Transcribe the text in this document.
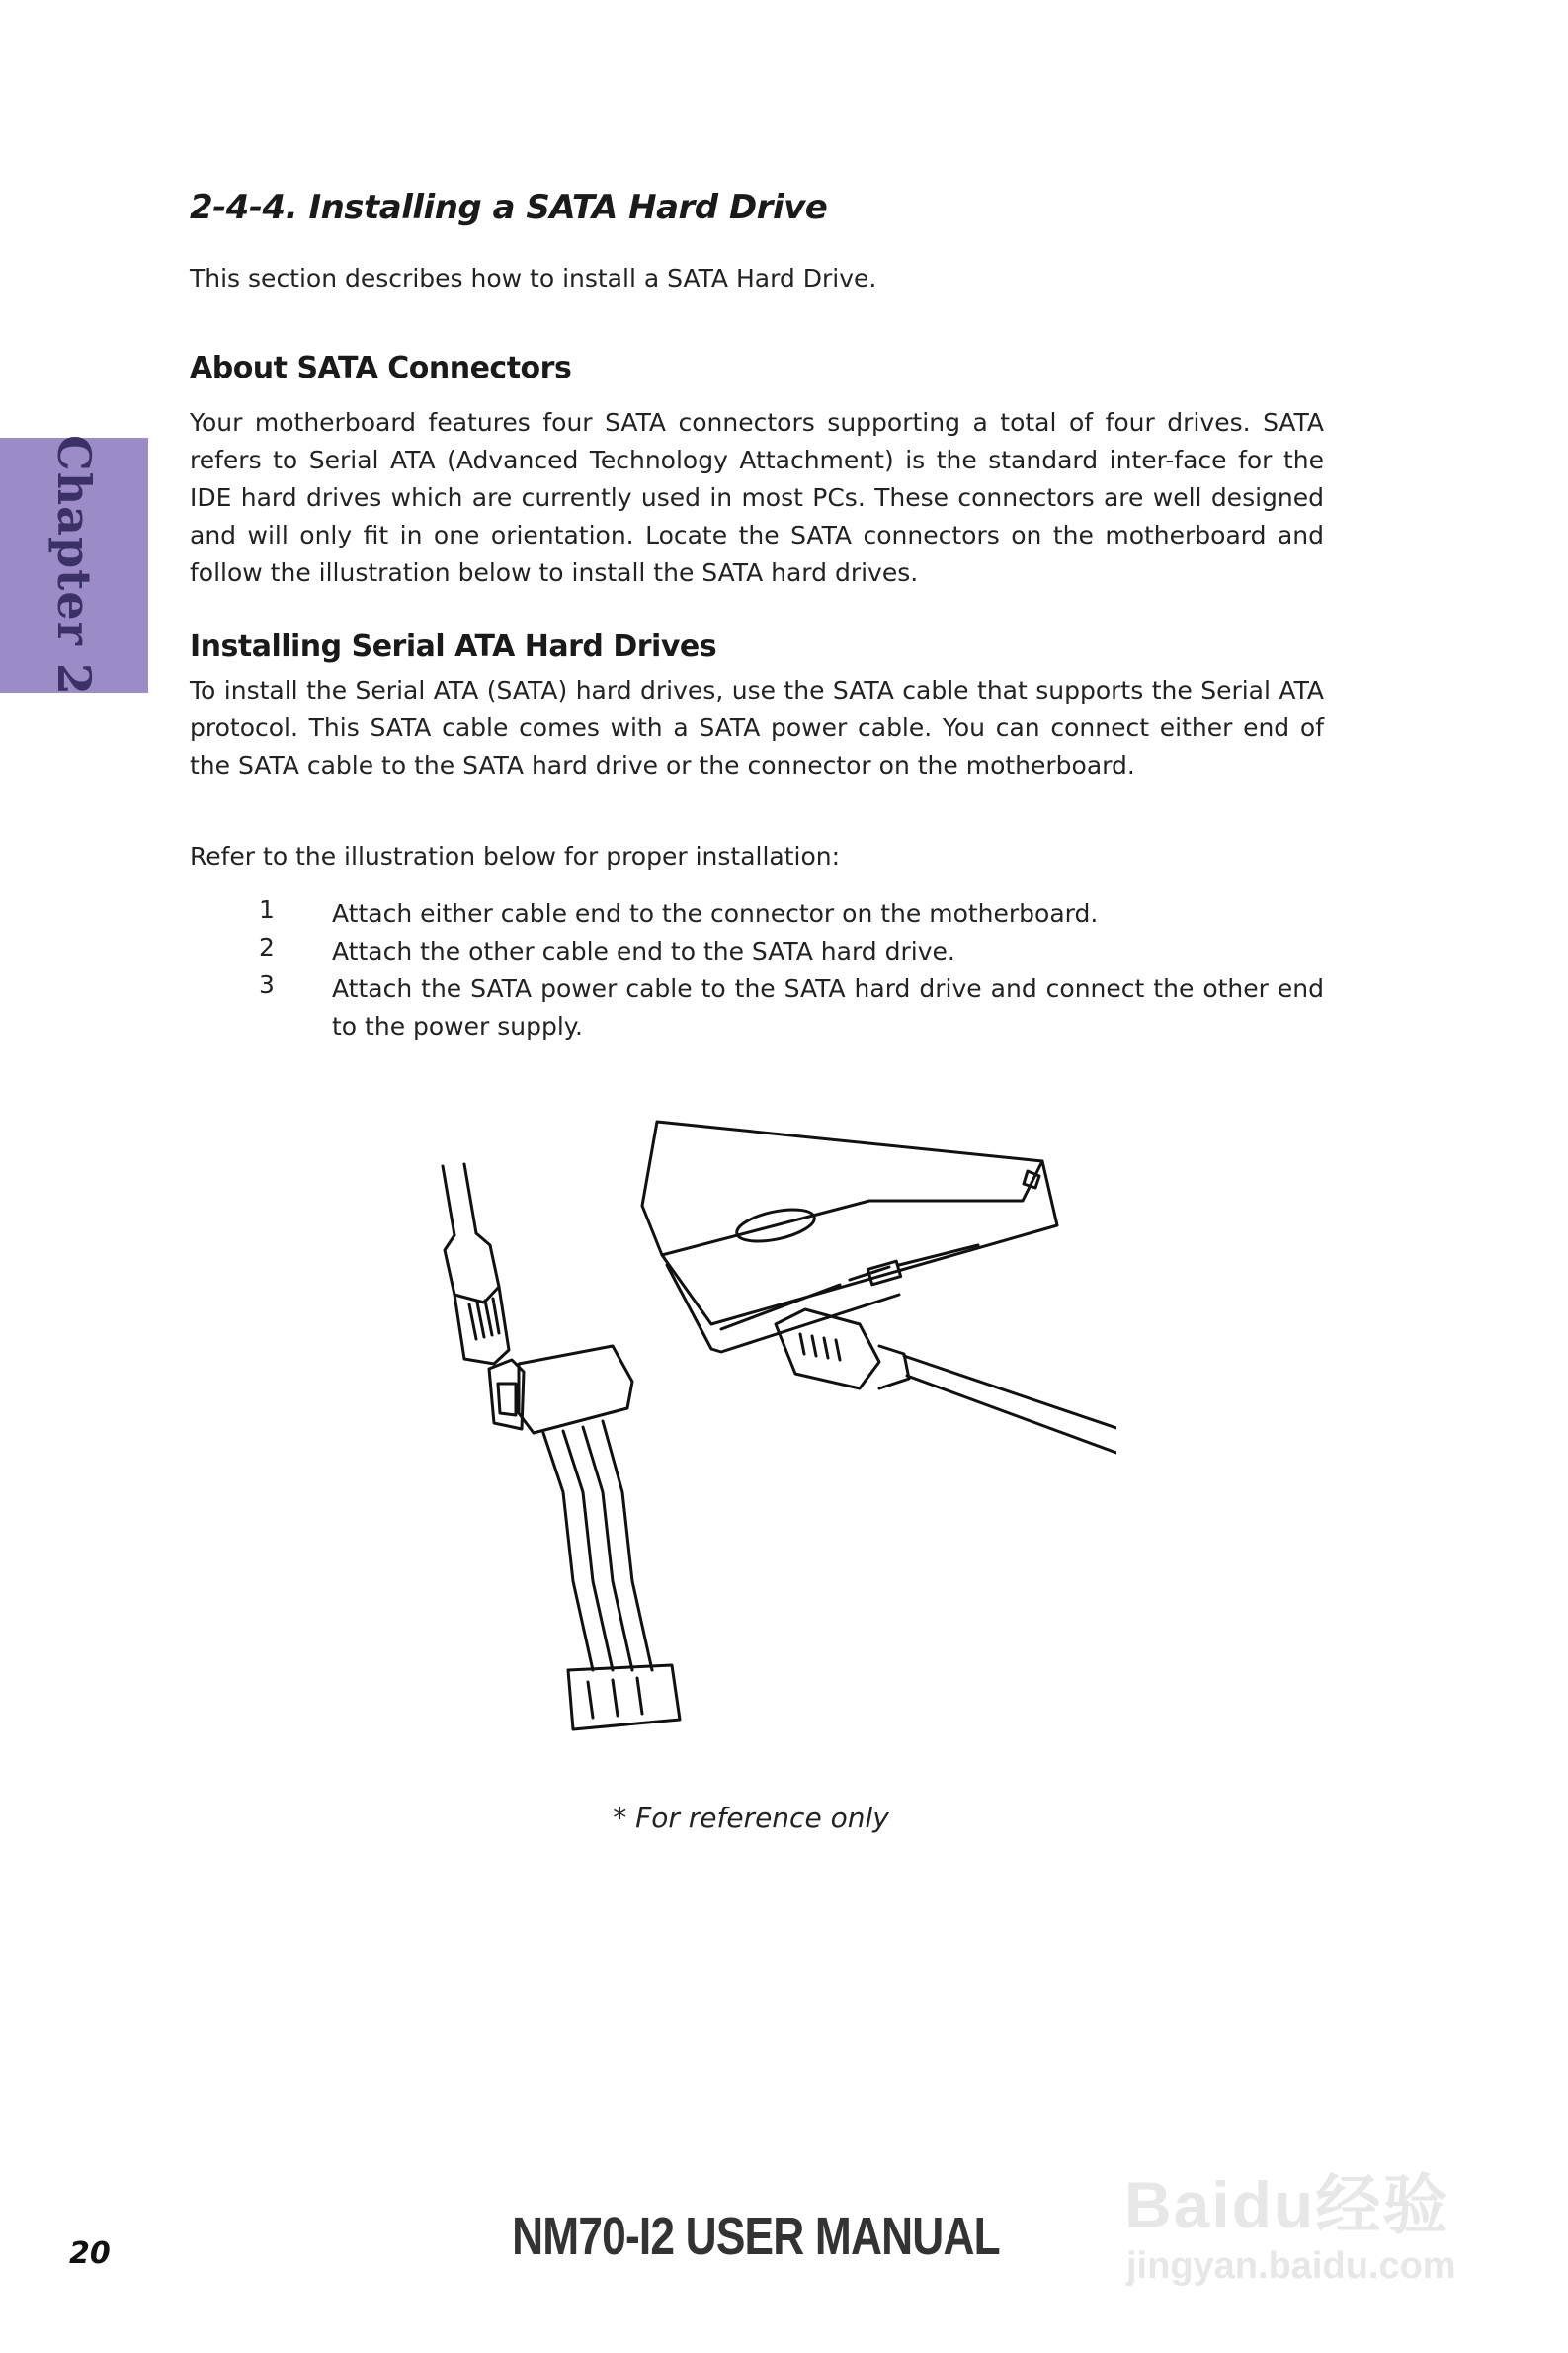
Chapter 2
2-4-4. Installing a SATA Hard Drive

This section describes how to install a SATA Hard Drive.

About SATA Connectors

Your motherboard features four SATA connectors supporting a total of four drives. SATA refers to Serial ATA (Advanced Technology Attachment) is the standard inter-face for the IDE hard drives which are currently used in most PCs. These connectors are well designed and will only fit in one orientation. Locate the SATA connectors on the motherboard and follow the illustration below to install the SATA hard drives.

Installing Serial ATA Hard Drives

To install the Serial ATA (SATA) hard drives, use the SATA cable that supports the Serial ATA protocol. This SATA cable comes with a SATA power cable. You can connect either end of the SATA cable to the SATA hard drive or the connector on the motherboard.

Refer to the illustration below for proper installation:

1 Attach either cable end to the connector on the motherboard.
2 Attach the other cable end to the SATA hard drive.
3 Attach the SATA power cable to the SATA hard drive and connect the other end to the power supply.
* For reference only
20	NM70-I2 USER MANUAL	Baidu经验
jingyan.baidu.com
